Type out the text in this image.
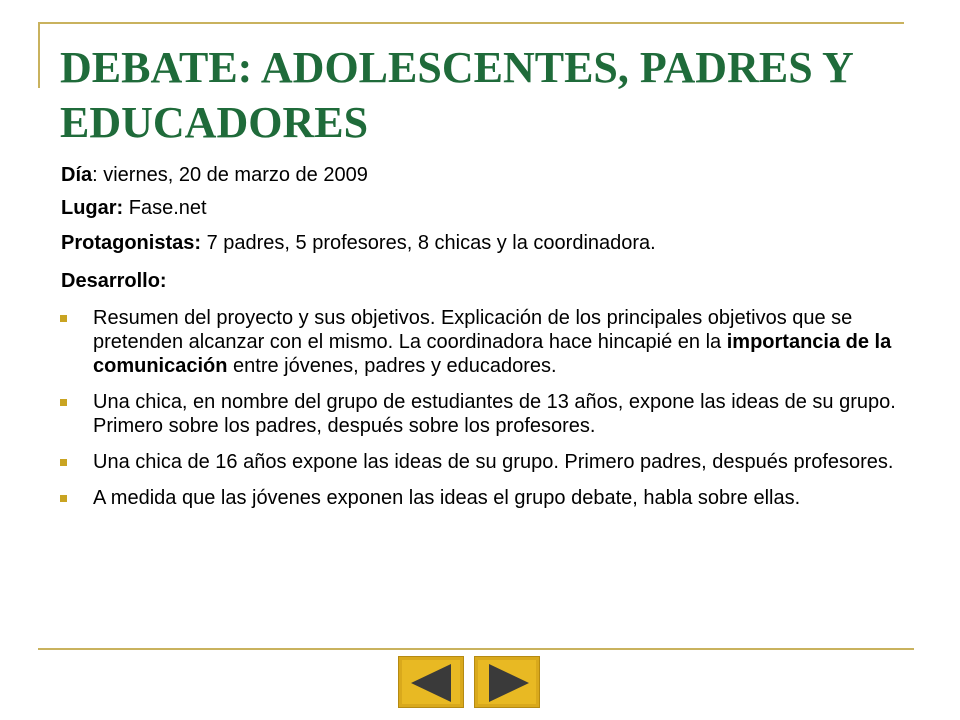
DEBATE: ADOLESCENTES, PADRES Y EDUCADORES
Día: viernes, 20 de marzo de 2009
Lugar: Fase.net
Protagonistas: 7 padres, 5 profesores, 8 chicas y la coordinadora.
Desarrollo:
Resumen del proyecto y sus objetivos. Explicación de los principales objetivos que se pretenden alcanzar con el mismo. La coordinadora hace hincapié en la importancia de la comunicación entre jóvenes, padres y educadores.
Una chica, en nombre del grupo de estudiantes de 13 años, expone las ideas de su grupo. Primero sobre los padres, después sobre los profesores.
Una chica de 16 años expone las ideas de su grupo. Primero padres, después profesores.
A medida que las jóvenes exponen las ideas el grupo debate, habla sobre ellas.
